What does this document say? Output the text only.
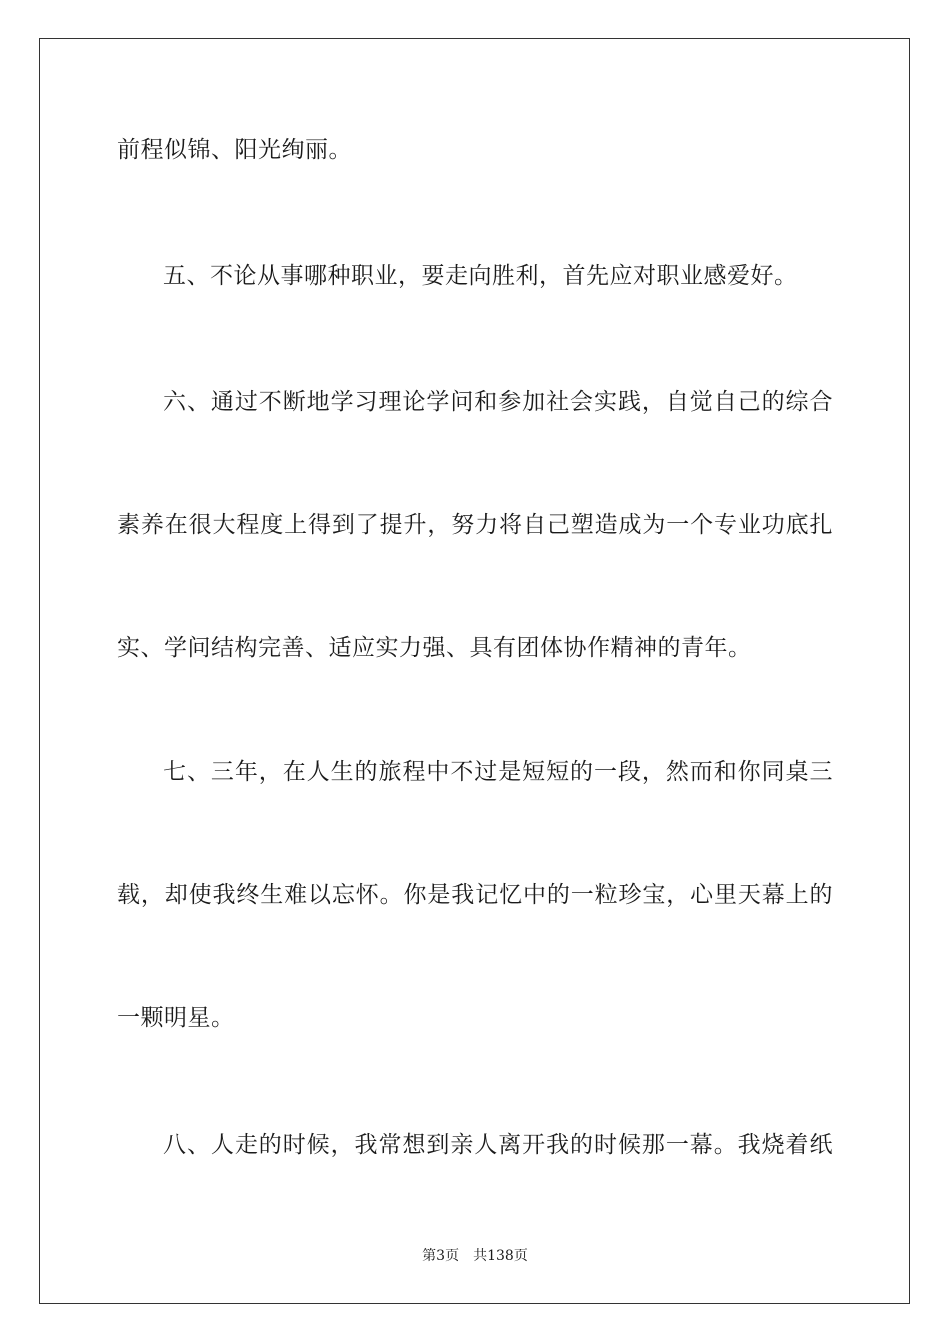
前程似锦、阳光绚丽。
五、不论从事哪种职业，要走向胜利，首先应对职业感爱好。
六、通过不断地学习理论学问和参加社会实践，自觉自己的综合
素养在很大程度上得到了提升，努力将自己塑造成为一个专业功底扎
实、学问结构完善、适应实力强、具有团体协作精神的青年。
七、三年，在人生的旅程中不过是短短的一段，然而和你同桌三
载，却使我终生难以忘怀。你是我记忆中的一粒珍宝，心里天幕上的
一颗明星。
八、人走的时候，我常想到亲人离开我的时候那一幕。我烧着纸
第3页 共138页
